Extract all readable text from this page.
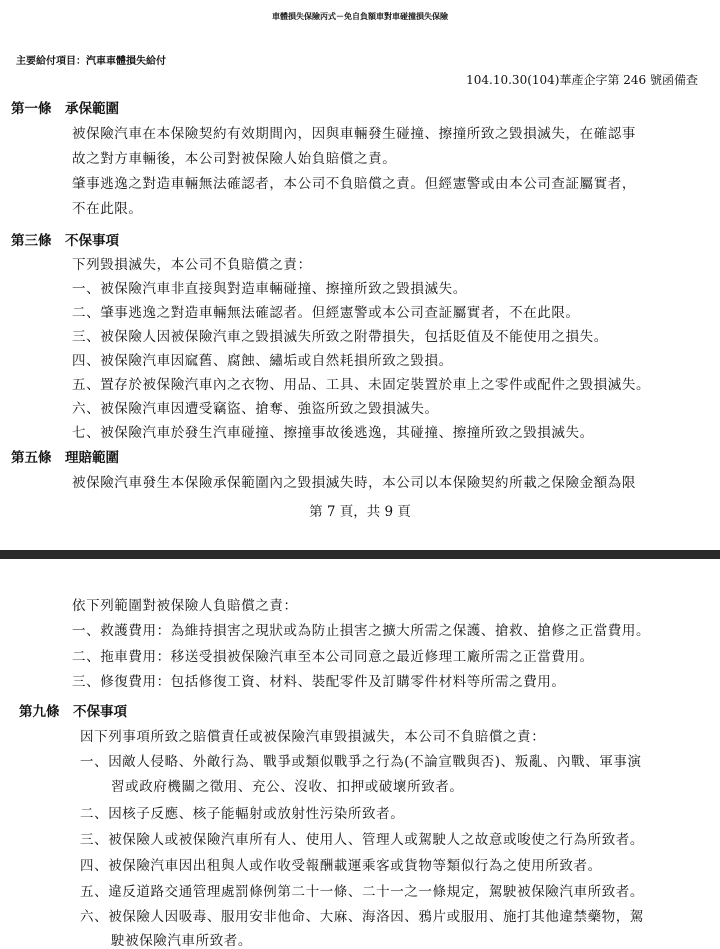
車體損失保險丙式－免自負額車對車碰撞損失保險
主要給付項目：汽車車體損失給付
104.10.30(104)華產企字第 246 號函備查
第一條　承保範圍
被保險汽車在本保險契約有效期間內，因與車輛發生碰撞、擦撞所致之毀損滅失，在確認事
故之對方車輛後，本公司對被保險人始負賠償之責。
肇事逃逸之對造車輛無法確認者，本公司不負賠償之責。但經憲警或由本公司查証屬實者，
不在此限。
第三條　不保事項
下列毀損滅失，本公司不負賠償之責：
一、被保險汽車非直接與對造車輛碰撞、擦撞所致之毀損滅失。
二、肇事逃逸之對造車輛無法確認者。但經憲警或本公司查証屬實者，不在此限。
三、被保險人因被保險汽車之毀損滅失所致之附帶損失，包括貶值及不能使用之損失。
四、被保險汽車因窳舊、腐蝕、繡垢或自然耗損所致之毀損。
五、置存於被保險汽車內之衣物、用品、工具、未固定裝置於車上之零件或配件之毀損滅失。
六、被保險汽車因遭受竊盜、搶奪、強盜所致之毀損滅失。
七、被保險汽車於發生汽車碰撞、擦撞事故後逃逸，其碰撞、擦撞所致之毀損滅失。
第五條　理賠範圍
被保險汽車發生本保險承保範圍內之毀損滅失時，本公司以本保險契約所載之保險金額為限
第 7 頁，共 9 頁
依下列範圍對被保險人負賠償之責：
一、救護費用：為維持損害之現狀或為防止損害之擴大所需之保護、搶救、搶修之正當費用。
二、拖車費用：移送受損被保險汽車至本公司同意之最近修理工廠所需之正當費用。
三、修復費用：包括修復工資、材料、裝配零件及訂購零件材料等所需之費用。
第九條　不保事項
因下列事項所致之賠償責任或被保險汽車毀損滅失，本公司不負賠償之責：
一、因敵人侵略、外敵行為、戰爭或類似戰爭之行為(不論宣戰與否)、叛亂、內戰、軍事演
習或政府機關之徵用、充公、沒收、扣押或破壞所致者。
二、因核子反應、核子能輻射或放射性污染所致者。
三、被保險人或被保險汽車所有人、使用人、管理人或駕駛人之故意或唆使之行為所致者。
四、被保險汽車因出租與人或作收受報酬載運乘客或貨物等類似行為之使用所致者。
五、違反道路交通管理處罰條例第二十一條、二十一之一條規定，駕駛被保險汽車所致者。
六、被保險人因吸毒、服用安非他命、大麻、海洛因、鴉片或服用、施打其他違禁藥物，駕
駛被保險汽車所致者。
